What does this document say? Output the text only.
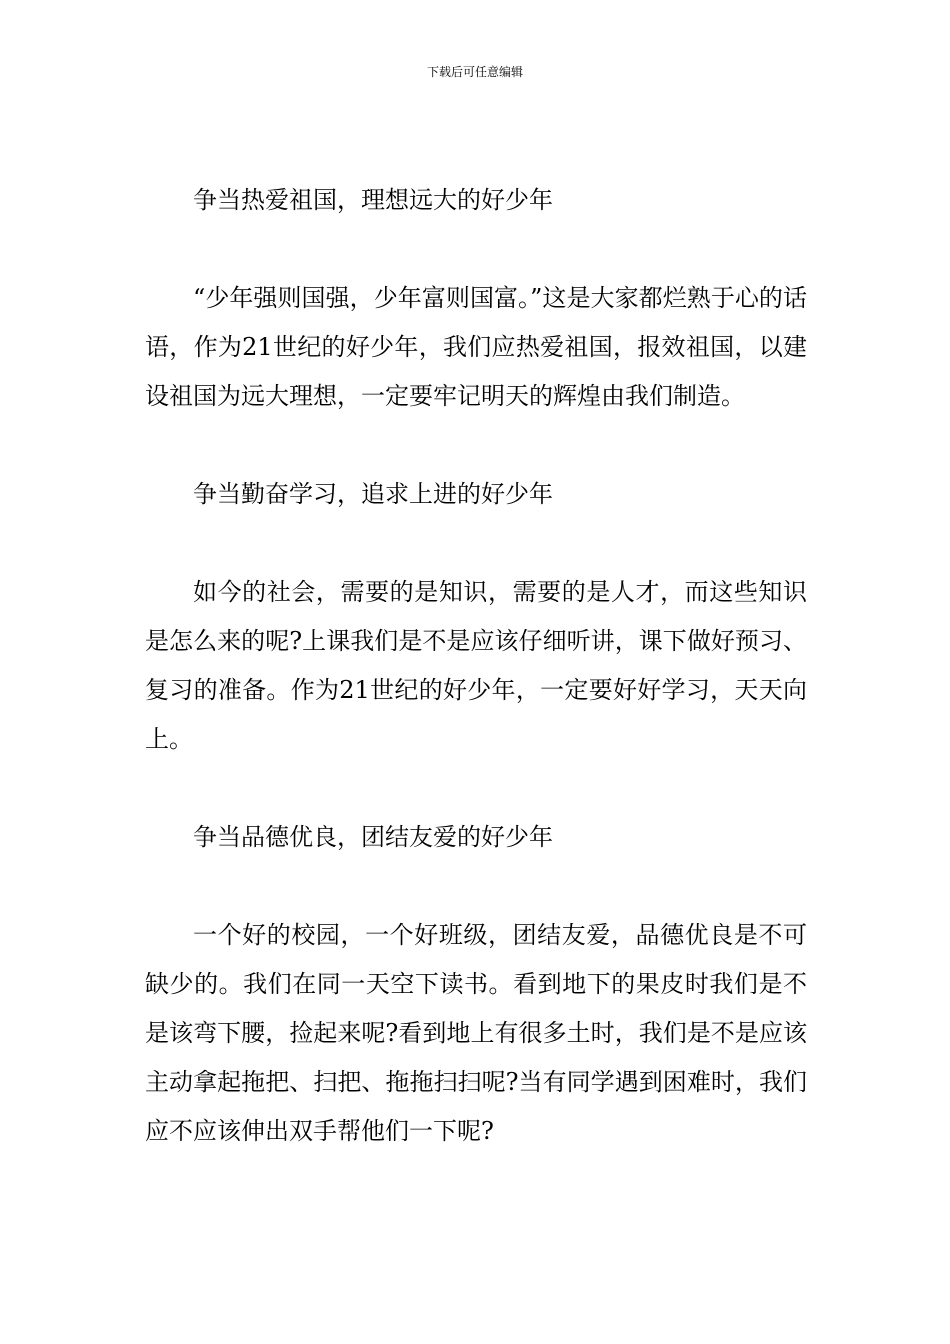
下载后可任意编辑

争当热爱祖国，理想远大的好少年

“少年强则国强，少年富则国富。”这是大家都烂熟于心的话语，作为21世纪的好少年，我们应热爱祖国，报效祖国，以建设祖国为远大理想，一定要牢记明天的辉煌由我们制造。

争当勤奋学习，追求上进的好少年

如今的社会，需要的是知识，需要的是人才，而这些知识是怎么来的呢?上课我们是不是应该仔细听讲，课下做好预习、复习的准备。作为21世纪的好少年，一定要好好学习，天天向上。

争当品德优良，团结友爱的好少年

一个好的校园，一个好班级，团结友爱，品德优良是不可缺少的。我们在同一天空下读书。看到地下的果皮时我们是不是该弯下腰，捡起来呢?看到地上有很多土时，我们是不是应该主动拿起拖把、扫把、拖拖扫扫呢?当有同学遇到困难时，我们应不应该伸出双手帮他们一下呢?
